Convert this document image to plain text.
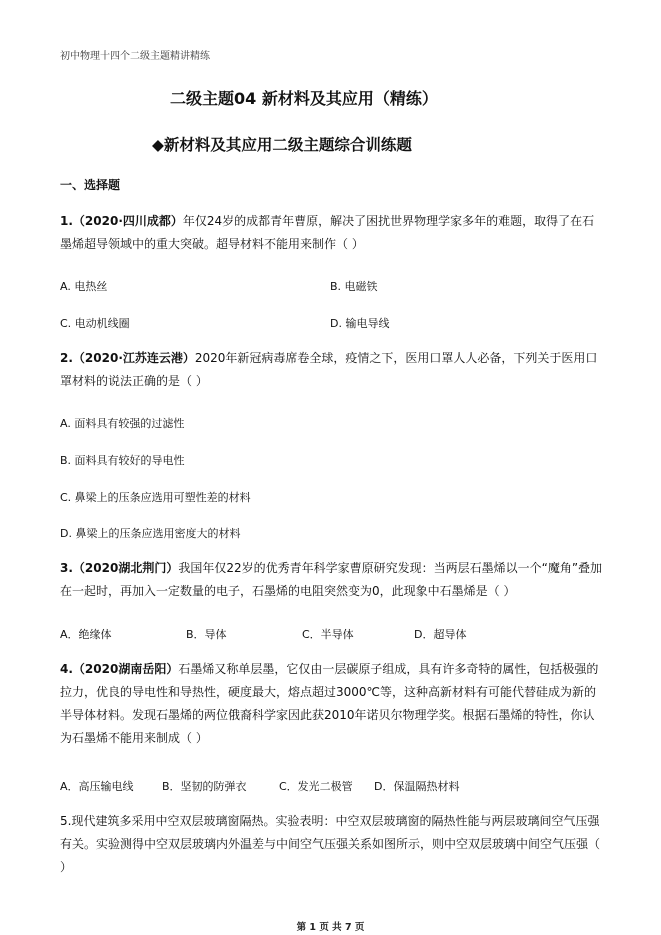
初中物理十四个二级主题精讲精练
二级主题04 新材料及其应用（精练）
◆新材料及其应用二级主题综合训练题
一、选择题
1.（2020·四川成都）年仅24岁的成都青年曹原，解决了困扰世界物理学家多年的难题，取得了在石墨烯超导领域中的重大突破。超导材料不能用来制作（ ）
A. 电热丝	B. 电磁铁
C. 电动机线圈	D. 输电导线
2.（2020·江苏连云港）2020年新冠病毒席卷全球，疫情之下，医用口罩人人必备，下列关于医用口罩材料的说法正确的是（ ）
A. 面料具有较强的过滤性
B. 面料具有较好的导电性
C. 鼻梁上的压条应选用可塑性差的材料
D. 鼻梁上的压条应选用密度大的材料
3.（2020湖北荆门）我国年仅22岁的优秀青年科学家曹原研究发现：当两层石墨烯以一个“魔角”叠加在一起时，再加入一定数量的电子，石墨烯的电阻突然变为0，此现象中石墨烯是（ ）
A．绝缘体	B．导体	C．半导体	D．超导体
4.（2020湖南岳阳）石墨烯又称单层墨，它仅由一层碳原子组成，具有许多奇特的属性，包括极强的拉力，优良的导电性和导热性，硬度最大，熔点超过3000℃等，这种高新材料有可能代替硅成为新的半导体材料。发现石墨烯的两位俄裔科学家因此获2010年诺贝尔物理学奖。根据石墨烯的特性，你认为石墨烯不能用来制成（ ）
A．高压输电线	B．坚韧的防弹衣	C．发光二极管 D．保温隔热材料
5.现代建筑多采用中空双层玻璃窗隔热。实验表明：中空双层玻璃窗的隔热性能与两层玻璃间空气压强有关。实验测得中空双层玻璃内外温差与中间空气压强关系如图所示，则中空双层玻璃中间空气压强（ ）
第 1 页 共 7 页
